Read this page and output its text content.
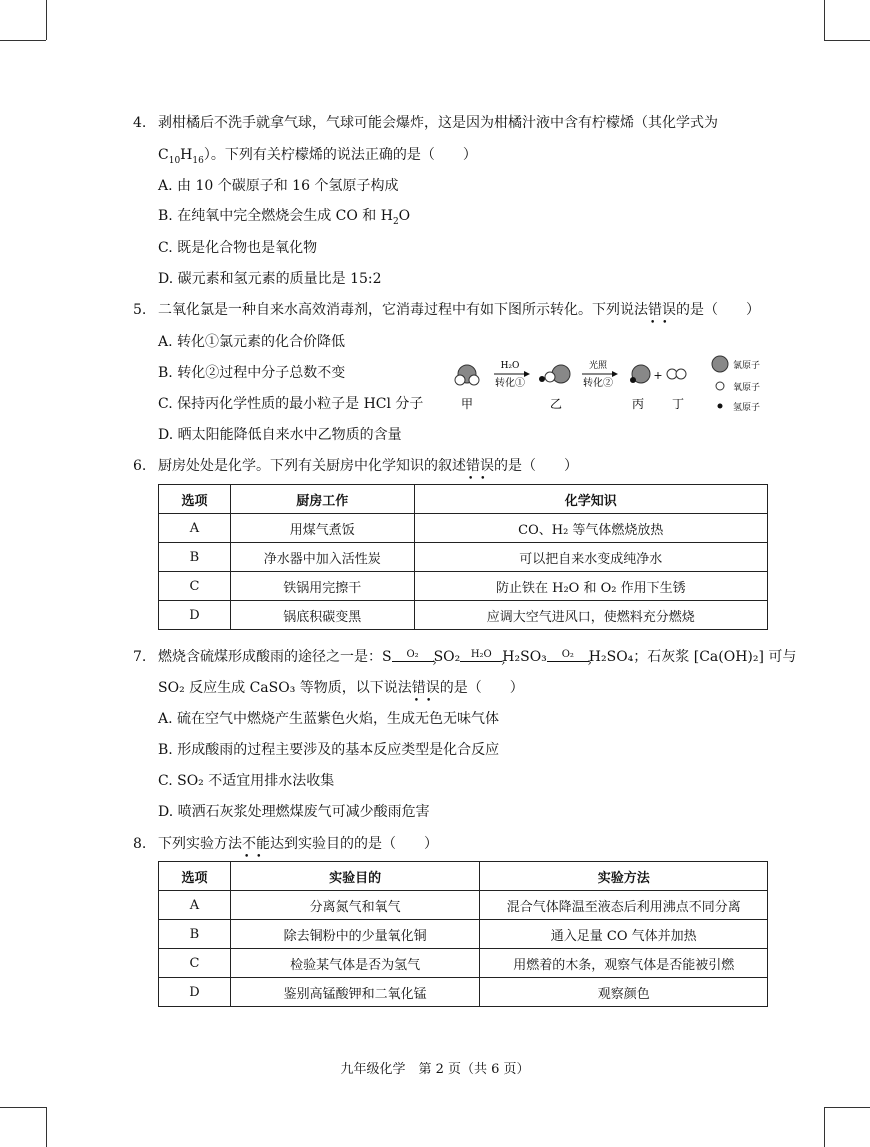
4. 剥柑橘后不洗手就拿气球，气球可能会爆炸，这是因为柑橘汁液中含有柠檬烯（其化学式为
$C_{10}H_{16}$）。下列有关柠檬烯的说法正确的是（　　）
A. 由 10 个碳原子和 16 个氢原子构成
B. 在纯氧中完全燃烧会生成 CO 和 $H_2O$
C. 既是化合物也是氧化物
D. 碳元素和氢元素的质量比是 15:2
5. 二氧化氯是一种自来水高效消毒剂，它消毒过程中有如下图所示转化。下列说法错误 • •的是（　　）
A. 转化①氯元素的化合价降低
B. 转化②过程中分子总数不变
C. 保持丙化学性质的最小粒子是 HCl 分子
D. 晒太阳能降低自来水中乙物质的含量
H₂O
转化①
光照
转化②
+
甲	乙	丙 丁
氯原子
氧原子
氢原子
6. 厨房处处是化学。下列有关厨房中化学知识的叙述错误 • •的是（　　）
选项	厨房工作	化学知识
A	用煤气煮饭	CO、H₂ 等气体燃烧放热
B	净水器中加入活性炭	可以把自来水变成纯净水
C	铁锅用完擦干	防止铁在 H₂O 和 O₂ 作用下生锈
D	锅底积碳变黑	应调大空气进风口，使燃料充分燃烧
7. 燃烧含硫煤形成酸雨的途径之一是：S	O₂ ›	SO₂	H₂O › H₂SO₃	O₂ ›	H₂SO₄；石灰浆 [Ca(OH)₂] 可与
SO₂ 反应生成 CaSO₃ 等物质，以下说法错误 • •的是（　　）
A. 硫在空气中燃烧产生蓝紫色火焰，生成无色无味气体
B. 形成酸雨的过程主要涉及的基本反应类型是化合反应
C. SO₂ 不适宜用排水法收集
D. 喷洒石灰浆处理燃煤废气可减少酸雨危害
8. 下列实验方法不能 • •达到实验目的的是（　　）
选项	实验目的	实验方法
A	分离氮气和氧气	混合气体降温至液态后利用沸点不同分离
B	除去铜粉中的少量氧化铜	通入足量 CO 气体并加热
C	检验某气体是否为氢气	用燃着的木条，观察气体是否能被引燃
D	鉴别高锰酸钾和二氧化锰	观察颜色
九年级化学　第 2 页（共 6 页）
